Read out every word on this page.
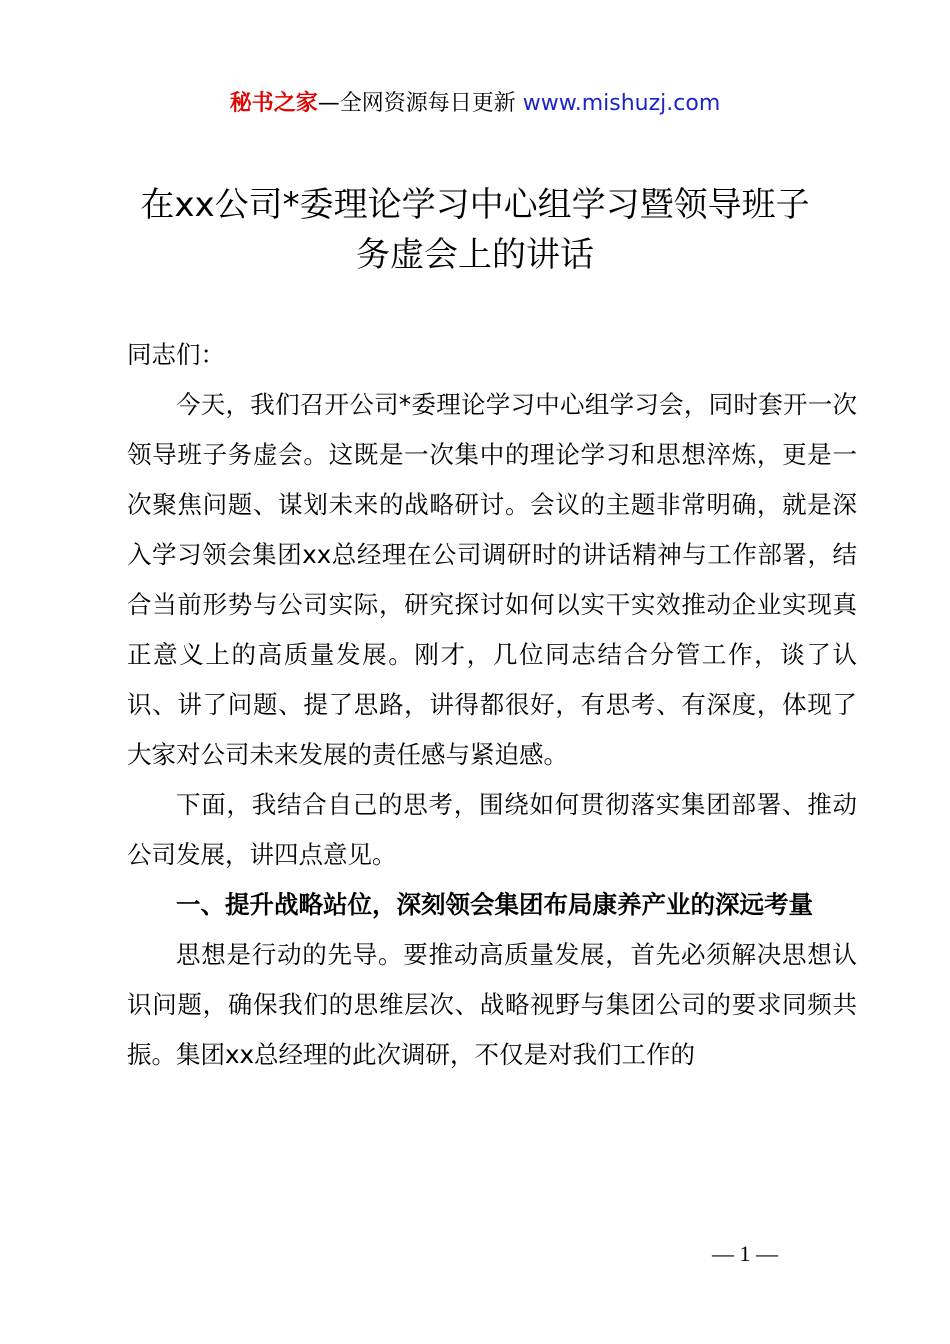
秘书之家—全网资源每日更新 www.mishuzj.com
在xx公司*委理论学习中心组学习暨领导班子
务虚会上的讲话

同志们：

今天，我们召开公司*委理论学习中心组学习会，同时套开一次领导班子务虚会。这既是一次集中的理论学习和思想淬炼，更是一次聚焦问题、谋划未来的战略研讨。会议的主题非常明确，就是深入学习领会集团xx总经理在公司调研时的讲话精神与工作部署，结合当前形势与公司实际，研究探讨如何以实干实效推动企业实现真正意义上的高质量发展。刚才，几位同志结合分管工作，谈了认识、讲了问题、提了思路，讲得都很好，有思考、有深度，体现了大家对公司未来发展的责任感与紧迫感。

下面，我结合自己的思考，围绕如何贯彻落实集团部署、推动公司发展，讲四点意见。

一、提升战略站位，深刻领会集团布局康养产业的深远考量

思想是行动的先导。要推动高质量发展，首先必须解决思想认识问题，确保我们的思维层次、战略视野与集团公司的要求同频共振。集团xx总经理的此次调研，不仅是对我们工作的

— 1 —
